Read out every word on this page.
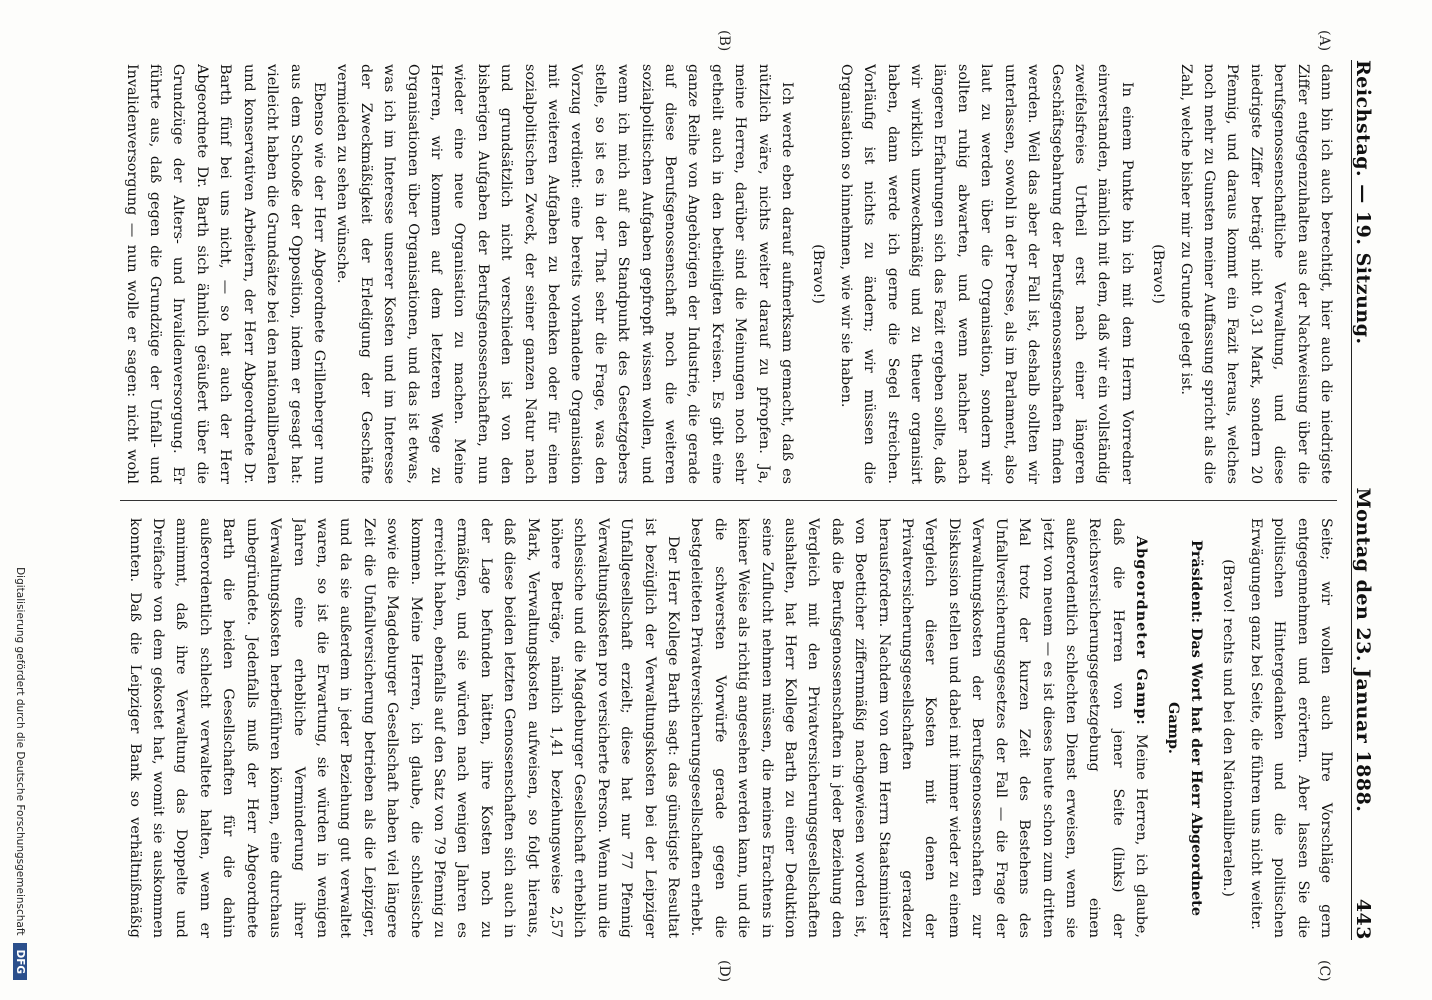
Reichstag. — 19. Sitzung.
Montag den 23. Januar 1888.
443
(A)
(B)
(C)
(D)

dann bin ich auch berechtigt, hier auch die niedrigste Ziffer entgegenzuhalten aus der Nachweisung über die berufsgenossenschaftliche Verwaltung, und diese niedrigste Ziffer beträgt nicht 0,31 Mark, sondern 20 Pfennig, und daraus kommt ein Fazit heraus, welches noch mehr zu Gunsten meiner Auffassung spricht als die Zahl, welche bisher mir zu Grunde gelegt ist.

(Bravo!)

In einem Punkte bin ich mit dem Herrn Vorredner einverstanden, nämlich mit dem, daß wir ein vollständig zweifelsfreies Urtheil erst nach einer längeren Geschäftsgebahrung der Berufsgenossenschaften finden werden. Weil das aber der Fall ist, deshalb sollten wir unterlassen, sowohl in der Presse, als im Parlament, also laut zu werden über die Organisation, sondern wir sollten ruhig abwarten, und wenn nachher nach längeren Erfahrungen sich das Fazit ergeben sollte, daß wir wirklich unzweckmäßig und zu theuer organisirt haben, dann werde ich gerne die Segel streichen. Vorläufig ist nichts zu ändern; wir müssen die Organisation so hinnehmen, wie wir sie haben.

(Bravo!)

Ich werde eben darauf aufmerksam gemacht, daß es nützlich wäre, nichts weiter darauf zu pfropfen. Ja, meine Herren, darüber sind die Meinungen noch sehr getheilt auch in den betheiligten Kreisen. Es gibt eine ganze Reihe von Angehörigen der Industrie, die gerade auf diese Berufsgenossenschaft noch die weiteren sozialpolitischen Aufgaben gepfropft wissen wollen, und wenn ich mich auf den Standpunkt des Gesetzgebers stelle, so ist es in der That sehr die Frage, was den Vorzug verdient: eine bereits vorhandene Organisation mit weiteren Aufgaben zu bedenken oder für einen sozialpolitischen Zweck, der seiner ganzen Natur nach und grundsätzlich nicht verschieden ist von den bisherigen Aufgaben der Berufsgenossenschaften, nun wieder eine neue Organisation zu machen. Meine Herren, wir kommen auf dem letzteren Wege zu Organisationen über Organisationen, und das ist etwas, was ich im Interesse unserer Kosten und im Interesse der Zweckmäßigkeit der Erledigung der Geschäfte vermieden zu sehen wünsche.

Ebenso wie der Herr Abgeordnete Grillenberger nun aus dem Schooße der Opposition, indem er gesagt hat: vielleicht haben die Grundsätze bei den nationalliberalen und konservativen Arbeitern, der Herr Abgeordnete Dr. Barth fünf bei uns nicht, — so hat auch der Herr Abgeordnete Dr. Barth sich ähnlich geäußert über die Grundzüge der Alters- und Invalidenversorgung. Er führte aus, daß gegen die Grundzüge der Unfall- und Invalidenversorgung — nun wolle er sagen: nicht wohl

Seite; wir wollen auch Ihre Vorschläge gern entgegennehmen und erörtern. Aber lassen Sie die politischen Hintergedanken und die politischen Erwägungen ganz bei Seite, die führen uns nicht weiter.

(Bravo! rechts und bei den Nationalliberalen.)

Präsident: Das Wort hat der Herr Abgeordnete Gamp.

Abgeordneter Gamp: Meine Herren, ich glaube, daß die Herren von jener Seite (links) der Reichsversicherungsgesetzgebung einen außerordentlich schlechten Dienst erweisen, wenn sie jetzt von neuem — es ist dieses heute schon zum dritten Mal trotz der kurzen Zeit des Bestehens des Unfallversicherungsgesetzes der Fall — die Frage der Verwaltungskosten der Berufsgenossenschaften zur Diskussion stellen und dabei mit immer wieder zu einem Vergleich dieser Kosten mit denen der Privatversicherungsgesellschaften geradezu herausfordern. Nachdem von dem Herrn Staatsminister von Boetticher ziffernmäßig nachgewiesen worden ist, daß die Berufsgenossenschaften in jeder Beziehung den Vergleich mit den Privatversicherungsgesellschaften aushalten, hat Herr Kollege Barth zu einer Deduktion seine Zuflucht nehmen müssen, die meines Erachtens in keiner Weise als richtig angesehen werden kann, und die die schwersten Vorwürfe gerade gegen die bestgeleiteten Privatversicherungsgesellschaften erhebt.

Der Herr Kollege Barth sagt: das günstigste Resultat ist bezüglich der Verwaltungskosten bei der Leipziger Unfallgesellschaft erzielt; diese hat nur 77 Pfennig Verwaltungskosten pro versicherte Person. Wenn nun die schlesische und die Magdeburger Gesellschaft erheblich höhere Beträge, nämlich 1,41 beziehungsweise 2,57 Mark, Verwaltungskosten aufweisen, so folgt hieraus, daß diese beiden letzten Genossenschaften sich auch in der Lage befunden hätten, ihre Kosten noch zu ermäßigen, und sie würden nach wenigen Jahren es erreicht haben, ebenfalls auf den Satz von 79 Pfennig zu kommen. Meine Herren, ich glaube, die schlesische sowie die Magdeburger Gesellschaft haben viel längere Zeit die Unfallversicherung betrieben als die Leipziger, und da sie außerdem in jeder Beziehung gut verwaltet waren, so ist die Erwartung, sie würden in wenigen Jahren eine erhebliche Verminderung ihrer Verwaltungskosten herbeiführen können, eine durchaus unbegründete. Jedenfalls muß der Herr Abgeordnete Barth die beiden Gesellschaften für die dahin außerordentlich schlecht verwaltete halten, wenn er annimmt, daß ihre Verwaltung das Doppelte und Dreifache von dem gekostet hat, womit sie auskommen konnten. Daß die Leipziger Bank so verhältnißmäßig

Digitalisierung gefördert durch die Deutsche Forschungsgemeinschaft
DFG
